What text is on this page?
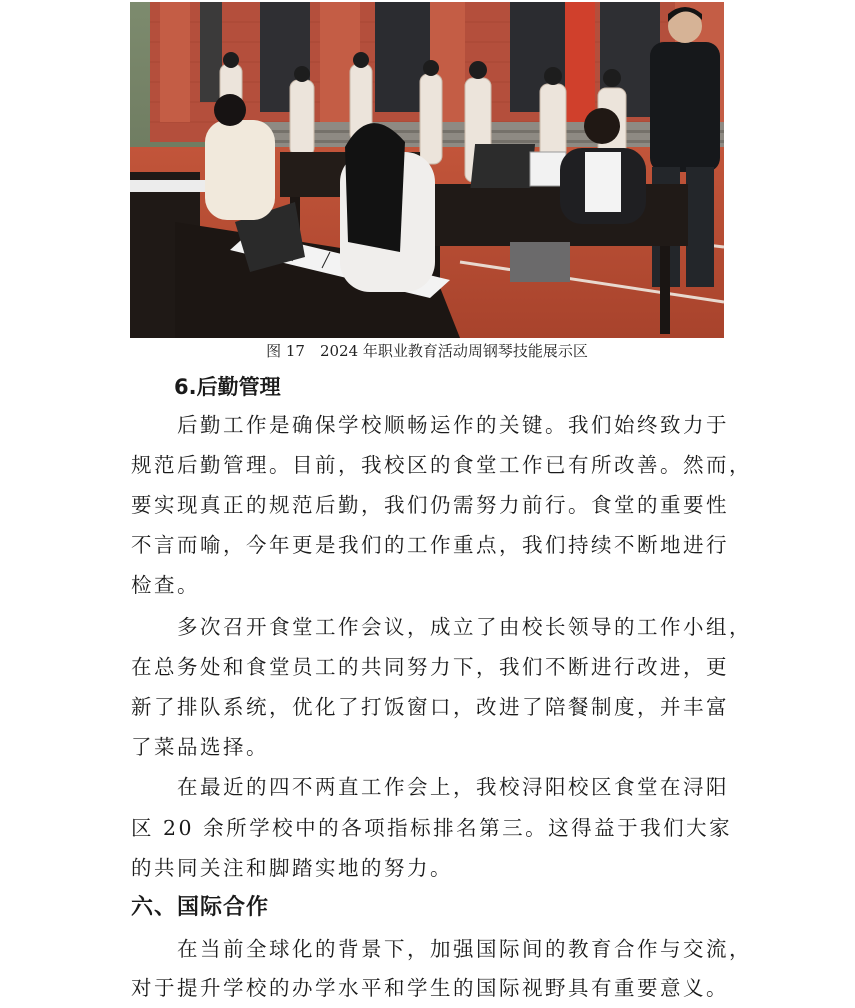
图 17　2024 年职业教育活动周钢琴技能展示区
6.后勤管理
　　后勤工作是确保学校顺畅运作的关键。我们始终致力于
规范后勤管理。目前，我校区的食堂工作已有所改善。然而，
要实现真正的规范后勤，我们仍需努力前行。食堂的重要性
不言而喻，今年更是我们的工作重点，我们持续不断地进行
检查。
　　多次召开食堂工作会议，成立了由校长领导的工作小组，
在总务处和食堂员工的共同努力下，我们不断进行改进，更
新了排队系统，优化了打饭窗口，改进了陪餐制度，并丰富
了菜品选择。
　　在最近的四不两直工作会上，我校浔阳校区食堂在浔阳
区 20 余所学校中的各项指标排名第三。这得益于我们大家
的共同关注和脚踏实地的努力。
六、国际合作
　　在当前全球化的背景下，加强国际间的教育合作与交流，
对于提升学校的办学水平和学生的国际视野具有重要意义。
